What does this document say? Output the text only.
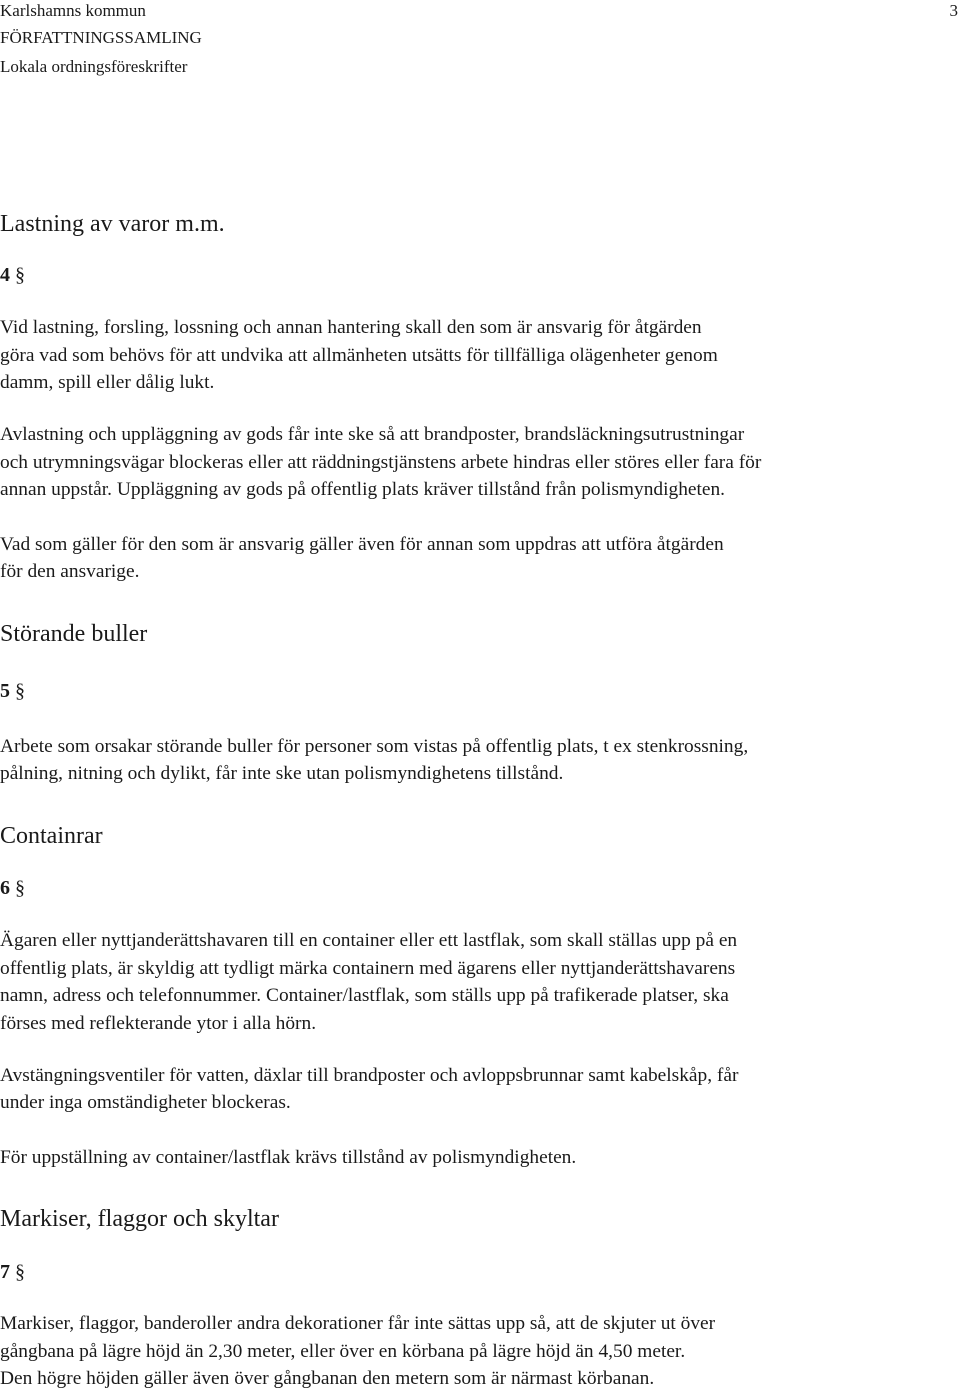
Karlshamns kommun
FÖRFATTNINGSSAMLING
Lokala ordningsföreskrifter
3
Lastning av varor m.m.
4 §
Vid lastning, forsling, lossning och annan hantering skall den som är ansvarig för åtgärden
göra vad som behövs för att undvika att allmänheten utsätts för tillfälliga olägenheter genom
damm, spill eller dålig lukt.
Avlastning och uppläggning av gods får inte ske så att brandposter, brandsläckningsutrustningar
och utrymningsvägar blockeras eller att räddningstjänstens arbete hindras eller störes eller fara för
annan uppstår. Uppläggning av gods på offentlig plats kräver tillstånd från polismyndigheten.
Vad som gäller för den som är ansvarig gäller även för annan som uppdras att utföra åtgärden
för den ansvarige.
Störande buller
5 §
Arbete som orsakar störande buller för personer som vistas på offentlig plats, t ex stenkrossning,
pålning, nitning och dylikt, får inte ske utan polismyndighetens tillstånd.
Containrar
6 §
Ägaren eller nyttjanderättshavaren till en container eller ett lastflak, som skall ställas upp på en
offentlig plats, är skyldig att tydligt märka containern med ägarens eller nyttjanderättshavarens
namn, adress och telefonnummer. Container/lastflak, som ställs upp på trafikerade platser, ska
förses med reflekterande ytor i alla hörn.
Avstängningsventiler för vatten, däxlar till brandposter och avloppsbrunnar samt kabelskåp, får
under inga omständigheter blockeras.
För uppställning av container/lastflak krävs tillstånd av polismyndigheten.
Markiser, flaggor och skyltar
7 §
Markiser, flaggor, banderoller andra dekorationer får inte sättas upp så, att de skjuter ut över
gångbana på lägre höjd än 2,30 meter, eller över en körbana på lägre höjd än 4,50 meter.
Den högre höjden gäller även över gångbanan den metern som är närmast körbanan.
